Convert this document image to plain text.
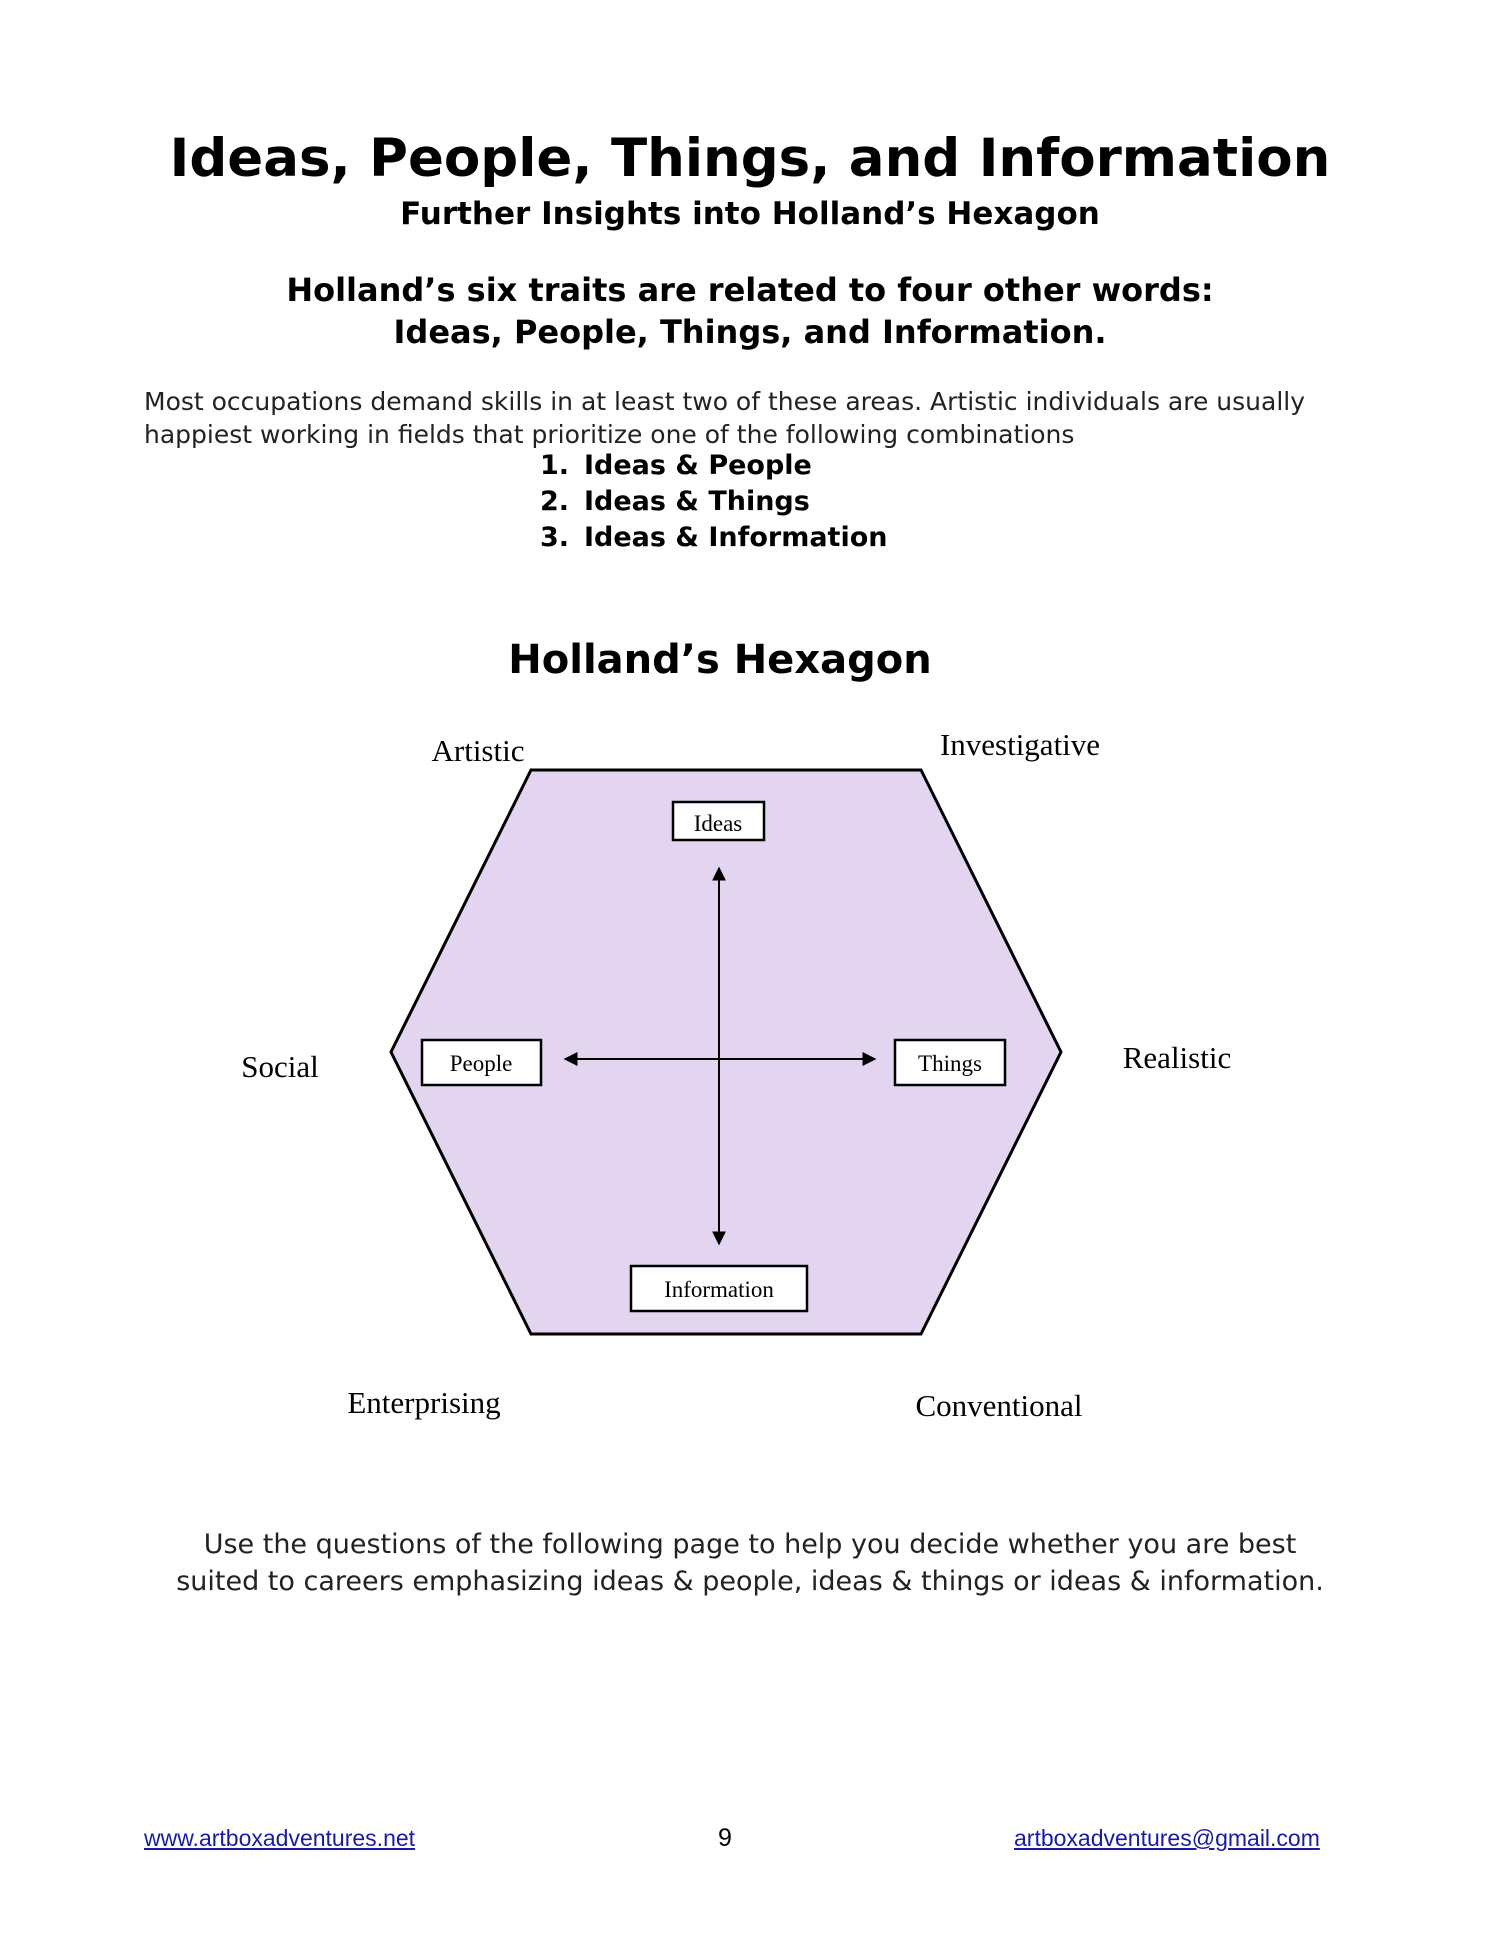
Ideas, People, Things, and Information
Further Insights into Holland’s Hexagon
Holland’s six traits are related to four other words:
Ideas, People, Things, and Information.
Most occupations demand skills in at least two of these areas. Artistic individuals are usually happiest working in fields that prioritize one of the following combinations
1. Ideas & People
2. Ideas & Things
3. Ideas & Information
Holland’s Hexagon
Ideas
People	Things
Information
Artistic	Investigative
Social	Realistic
Enterprising	Conventional
Use the questions of the following page to help you decide whether you are best
suited to careers emphasizing ideas & people, ideas & things or ideas & information.
www.artboxadventures.net	9	artboxadventures@gmail.com
